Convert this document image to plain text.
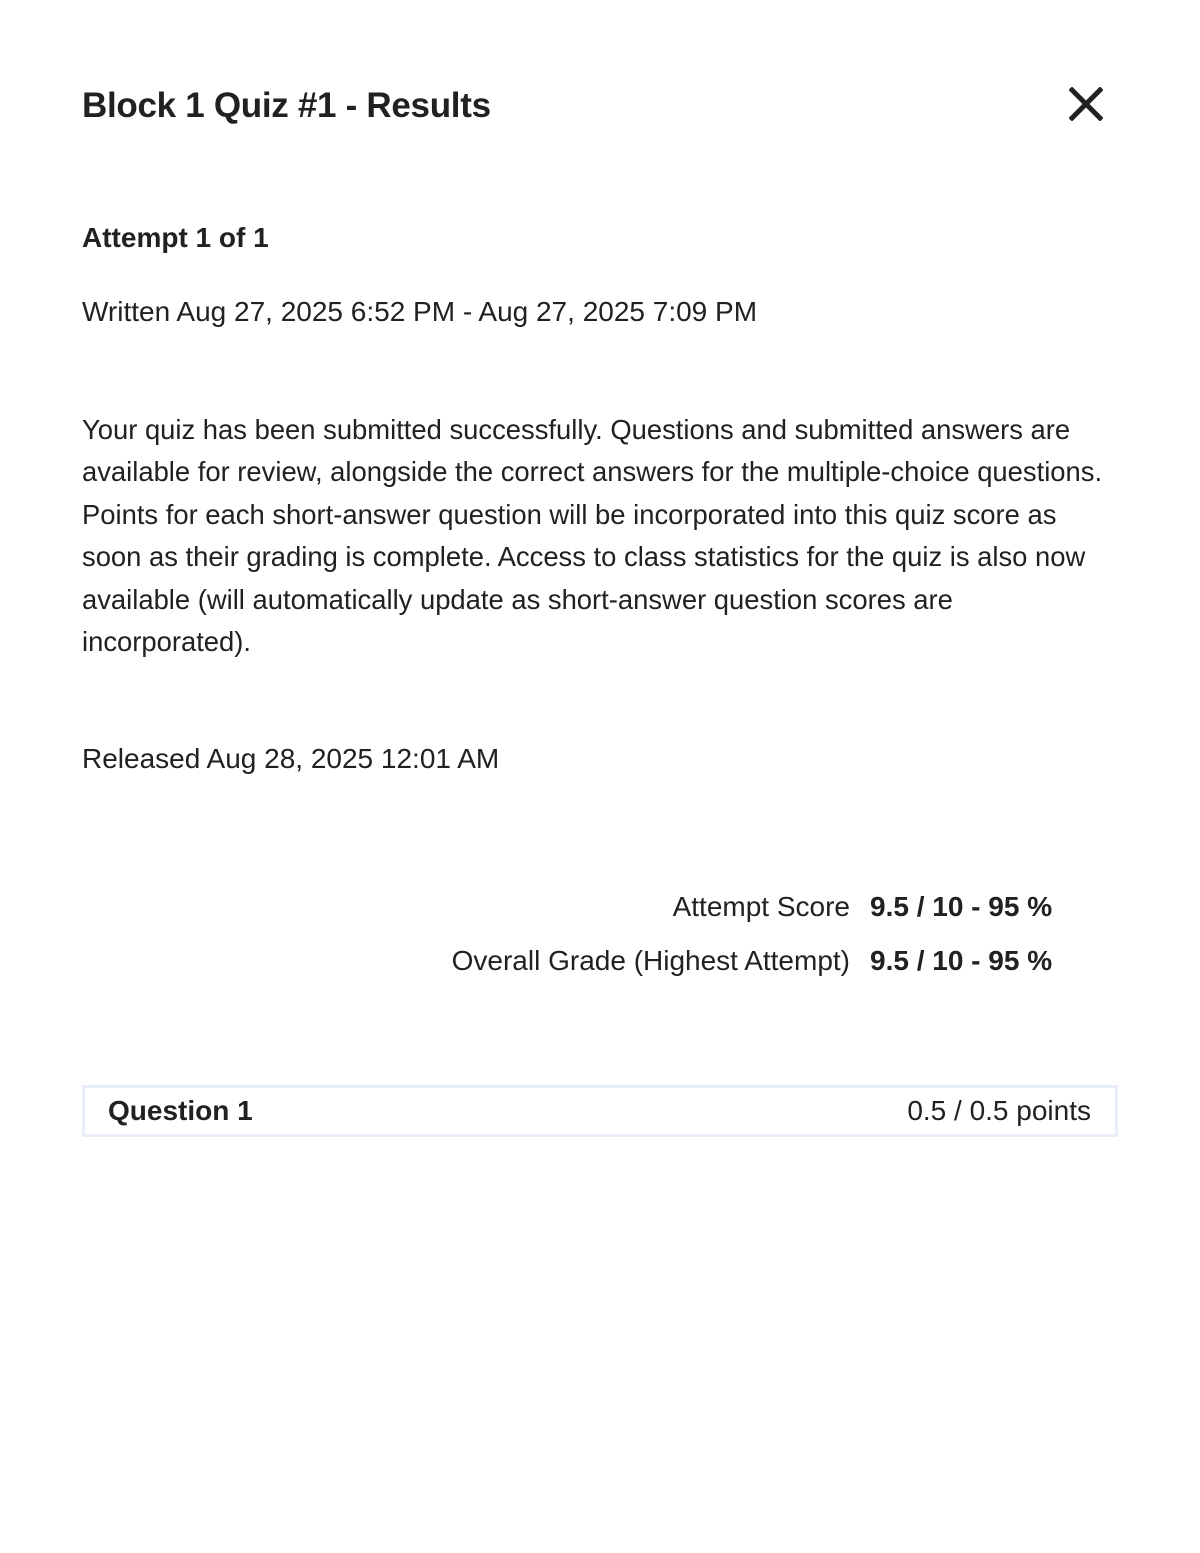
Block 1 Quiz #1 - Results
Attempt 1 of 1

Written Aug 27, 2025 6:52 PM - Aug 27, 2025 7:09 PM

Your quiz has been submitted successfully. Questions and submitted answers are available for review, alongside the correct answers for the multiple-choice questions. Points for each short-answer question will be incorporated into this quiz score as soon as their grading is complete. Access to class statistics for the quiz is also now available (will automatically update as short-answer question scores are incorporated).

Released Aug 28, 2025 12:01 AM

Attempt Score 9.5 / 10 - 95 %
Overall Grade (Highest Attempt) 9.5 / 10 - 95 %
Question 1	0.5 / 0.5 points
